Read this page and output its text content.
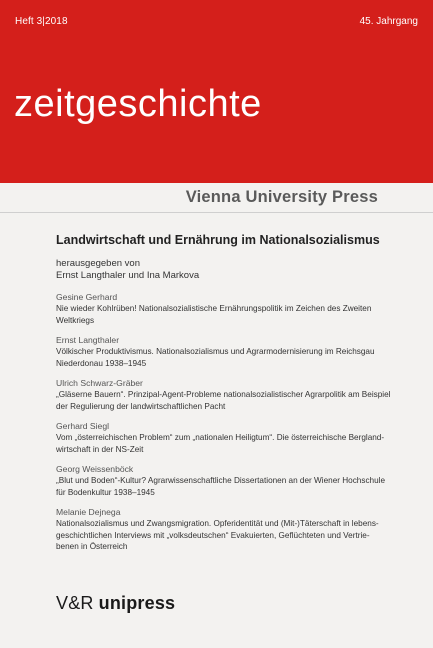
Heft 3|2018	45. Jahrgang
zeitgeschichte
Vienna University Press
Landwirtschaft und Ernährung im Nationalsozialismus
herausgegeben von
Ernst Langthaler und Ina Markova
Gesine Gerhard
Nie wieder Kohlrüben! Nationalsozialistische Ernährungspolitik im Zeichen des Zweiten
Weltkriegs
Ernst Langthaler
Völkischer Produktivismus. Nationalsozialismus und Agrarmodernisierung im Reichsgau
Niederdonau 1938–1945
Ulrich Schwarz-Gräber
„Gläserne Bauern“. Prinzipal-Agent-Probleme nationalsozialistischer Agrarpolitik am Beispiel
der Regulierung der landwirtschaftlichen Pacht
Gerhard Siegl
Vom „österreichischen Problem“ zum „nationalen Heiligtum“. Die österreichische Bergland-
wirtschaft in der NS-Zeit
Georg Weissenböck
„Blut und Boden“-Kultur? Agrarwissenschaftliche Dissertationen an der Wiener Hochschule
für Bodenkultur 1938–1945
Melanie Dejnega
Nationalsozialismus und Zwangsmigration. Opferidentität und (Mit-)Täterschaft in lebens-
geschichtlichen Interviews mit „volksdeutschen“ Evakuierten, Geflüchteten und Vertrie-
benen in Österreich
V&R unipress
